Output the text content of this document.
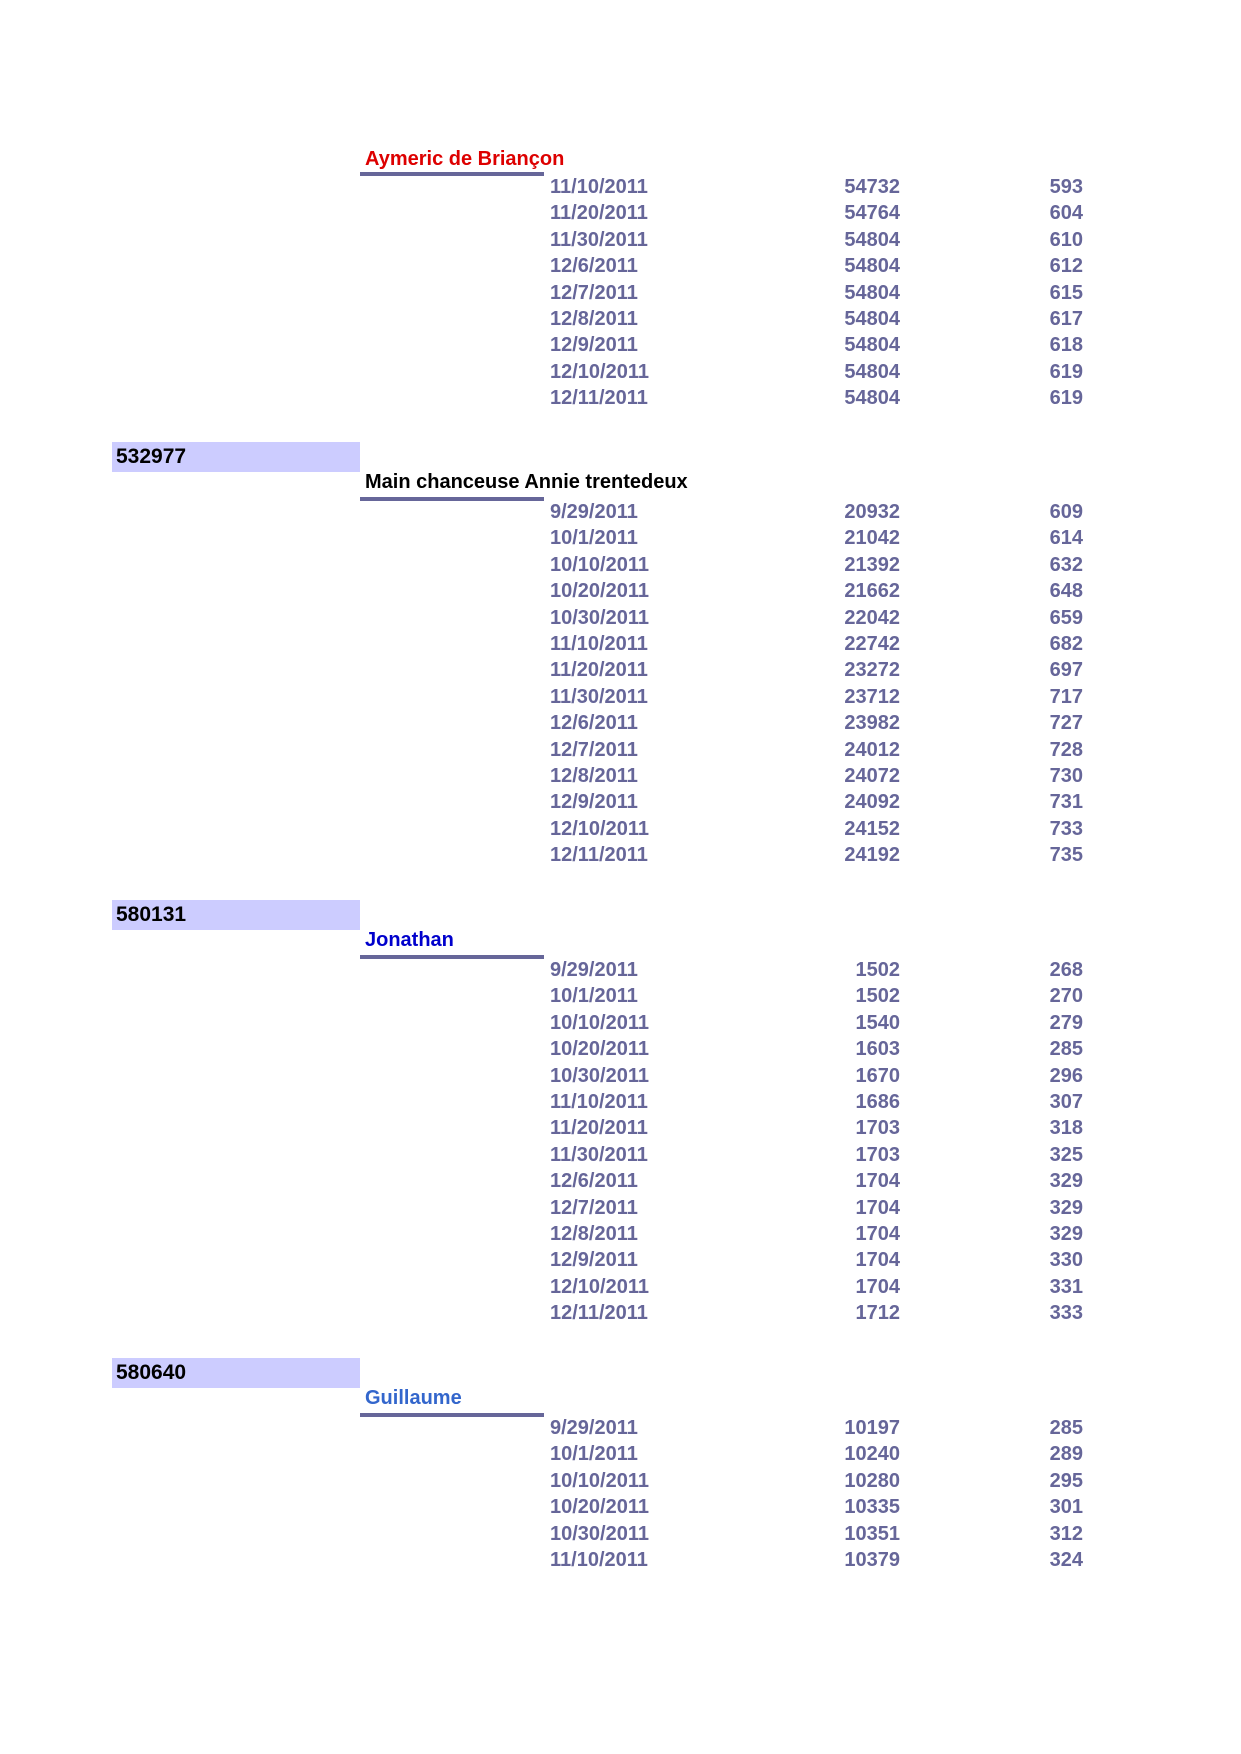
Aymeric de Briançon
11/10/2011	54732	593
11/20/2011	54764	604
11/30/2011	54804	610
12/6/2011	54804	612
12/7/2011	54804	615
12/8/2011	54804	617
12/9/2011	54804	618
12/10/2011	54804	619
12/11/2011	54804	619
532977
Main chanceuse Annie trentedeux
9/29/2011	20932	609
10/1/2011	21042	614
10/10/2011	21392	632
10/20/2011	21662	648
10/30/2011	22042	659
11/10/2011	22742	682
11/20/2011	23272	697
11/30/2011	23712	717
12/6/2011	23982	727
12/7/2011	24012	728
12/8/2011	24072	730
12/9/2011	24092	731
12/10/2011	24152	733
12/11/2011	24192	735
580131
Jonathan
9/29/2011	1502	268
10/1/2011	1502	270
10/10/2011	1540	279
10/20/2011	1603	285
10/30/2011	1670	296
11/10/2011	1686	307
11/20/2011	1703	318
11/30/2011	1703	325
12/6/2011	1704	329
12/7/2011	1704	329
12/8/2011	1704	329
12/9/2011	1704	330
12/10/2011	1704	331
12/11/2011	1712	333
580640
Guillaume
9/29/2011	10197	285
10/1/2011	10240	289
10/10/2011	10280	295
10/20/2011	10335	301
10/30/2011	10351	312
11/10/2011	10379	324
